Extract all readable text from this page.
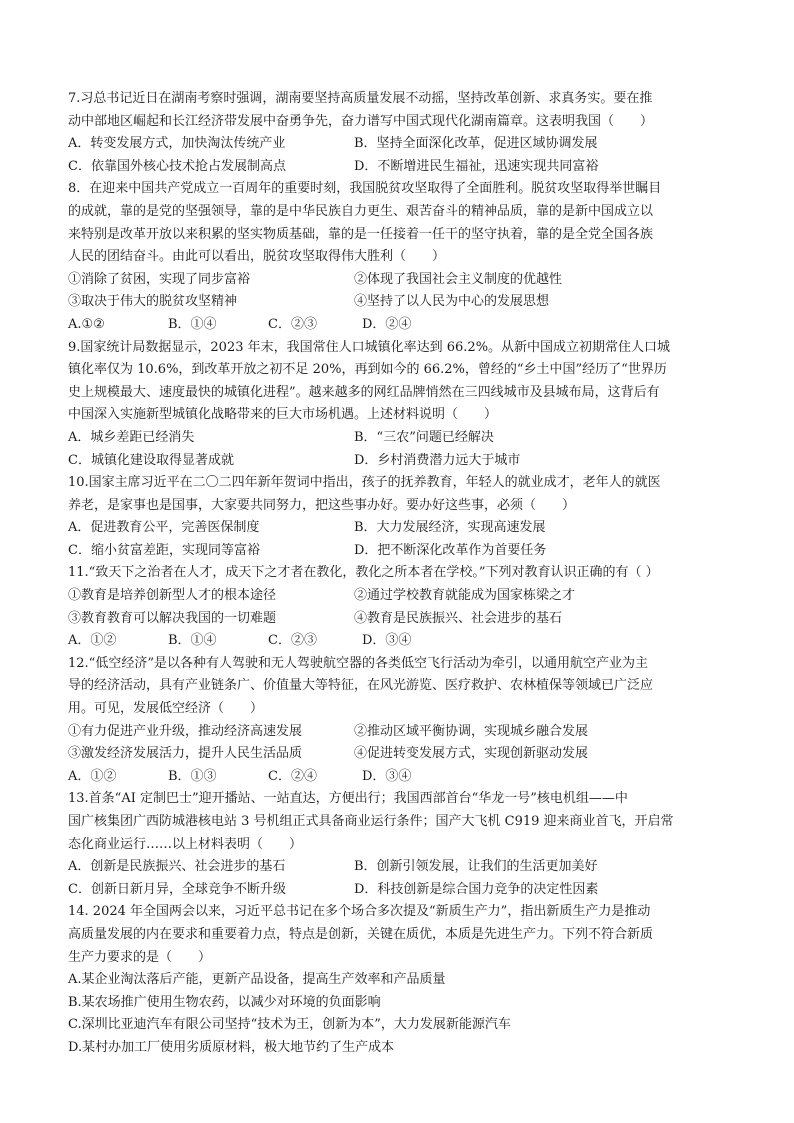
7.习总书记近日在湖南考察时强调，湖南要坚持高质量发展不动摇，坚持改革创新、求真务实。要在推
动中部地区崛起和长江经济带发展中奋勇争先，奋力谱写中国式现代化湖南篇章。这表明我国（　　）
A．转变发展方式，加快淘汰传统产业	B．坚持全面深化改革，促进区域协调发展
C．依靠国外核心技术抢占发展制高点	D．不断增进民生福祉，迅速实现共同富裕
8．在迎来中国共产党成立一百周年的重要时刻，我国脱贫攻坚取得了全面胜利。脱贫攻坚取得举世瞩目
的成就，靠的是党的坚强领导，靠的是中华民族自力更生、艰苦奋斗的精神品质，靠的是新中国成立以
来特别是改革开放以来积累的坚实物质基础，靠的是一任接着一任干的坚守执着，靠的是全党全国各族
人民的团结奋斗。由此可以看出，脱贫攻坚取得伟大胜利（　　）
①消除了贫困，实现了同步富裕	②体现了我国社会主义制度的优越性
③取决于伟大的脱贫攻坚精神	④坚持了以人民为中心的发展思想
A.①②	B．①④	C．②③	D．②④
9.国家统计局数据显示，2023 年末，我国常住人口城镇化率达到 66.2%。从新中国成立初期常住人口城
镇化率仅为 10.6%，到改革开放之初不足 20%，再到如今的 66.2%，曾经的“乡土中国”经历了“世界历
史上规模最大、速度最快的城镇化进程”。越来越多的网红品牌悄然在三四线城市及县城布局，这背后有
中国深入实施新型城镇化战略带来的巨大市场机遇。上述材料说明（　　）
A．城乡差距已经消失	B．“三农”问题已经解决
C．城镇化建设取得显著成就	D．乡村消费潜力远大于城市
10.国家主席习近平在二〇二四年新年贺词中指出，孩子的抚养教育，年轻人的就业成才，老年人的就医
养老，是家事也是国事，大家要共同努力，把这些事办好。要办好这些事，必须（　　）
A．促进教育公平，完善医保制度	B．大力发展经济，实现高速发展
C．缩小贫富差距，实现同等富裕	D．把不断深化改革作为首要任务
11.“致天下之治者在人才，成天下之才者在教化，教化之所本者在学校。”下列对教育认识正确的有（ ）
①教育是培养创新型人才的根本途径	②通过学校教育就能成为国家栋梁之才
③教育教育可以解决我国的一切难题	④教育是民族振兴、社会进步的基石
A．①②	B．①④	C．②③	D．③④
12.“低空经济”是以各种有人驾驶和无人驾驶航空器的各类低空飞行活动为牵引，以通用航空产业为主
导的经济活动，具有产业链条广、价值量大等特征，在风光游览、医疗救护、农林植保等领域已广泛应
用。可见，发展低空经济（　　）
①有力促进产业升级，推动经济高速发展	②推动区域平衡协调，实现城乡融合发展
③激发经济发展活力，提升人民生活品质	④促进转变发展方式，实现创新驱动发展
A．①②	B．①③	C．②④	D．③④
13.首条“AI 定制巴士”迎开播站、一站直达，方便出行；我国西部首台“华龙一号”核电机组——中
国广核集团广西防城港核电站 3 号机组正式具备商业运行条件；国产大飞机 C919 迎来商业首飞，开启常
态化商业运行……以上材料表明（　　）
A．创新是民族振兴、社会进步的基石	B．创新引领发展，让我们的生活更加美好
C．创新日新月异，全球竞争不断升级	D．科技创新是综合国力竞争的决定性因素
14. 2024 年全国两会以来，习近平总书记在多个场合多次提及“新质生产力”，指出新质生产力是推动
高质量发展的内在要求和重要着力点，特点是创新，关键在质优，本质是先进生产力。下列不符合新质
生产力要求的是（　　）
A.某企业淘汰落后产能，更新产品设备，提高生产效率和产品质量
B.某农场推广使用生物农药，以减少对环境的负面影响
C.深圳比亚迪汽车有限公司坚持“技术为王，创新为本”，大力发展新能源汽车
D.某村办加工厂使用劣质原材料，极大地节约了生产成本
